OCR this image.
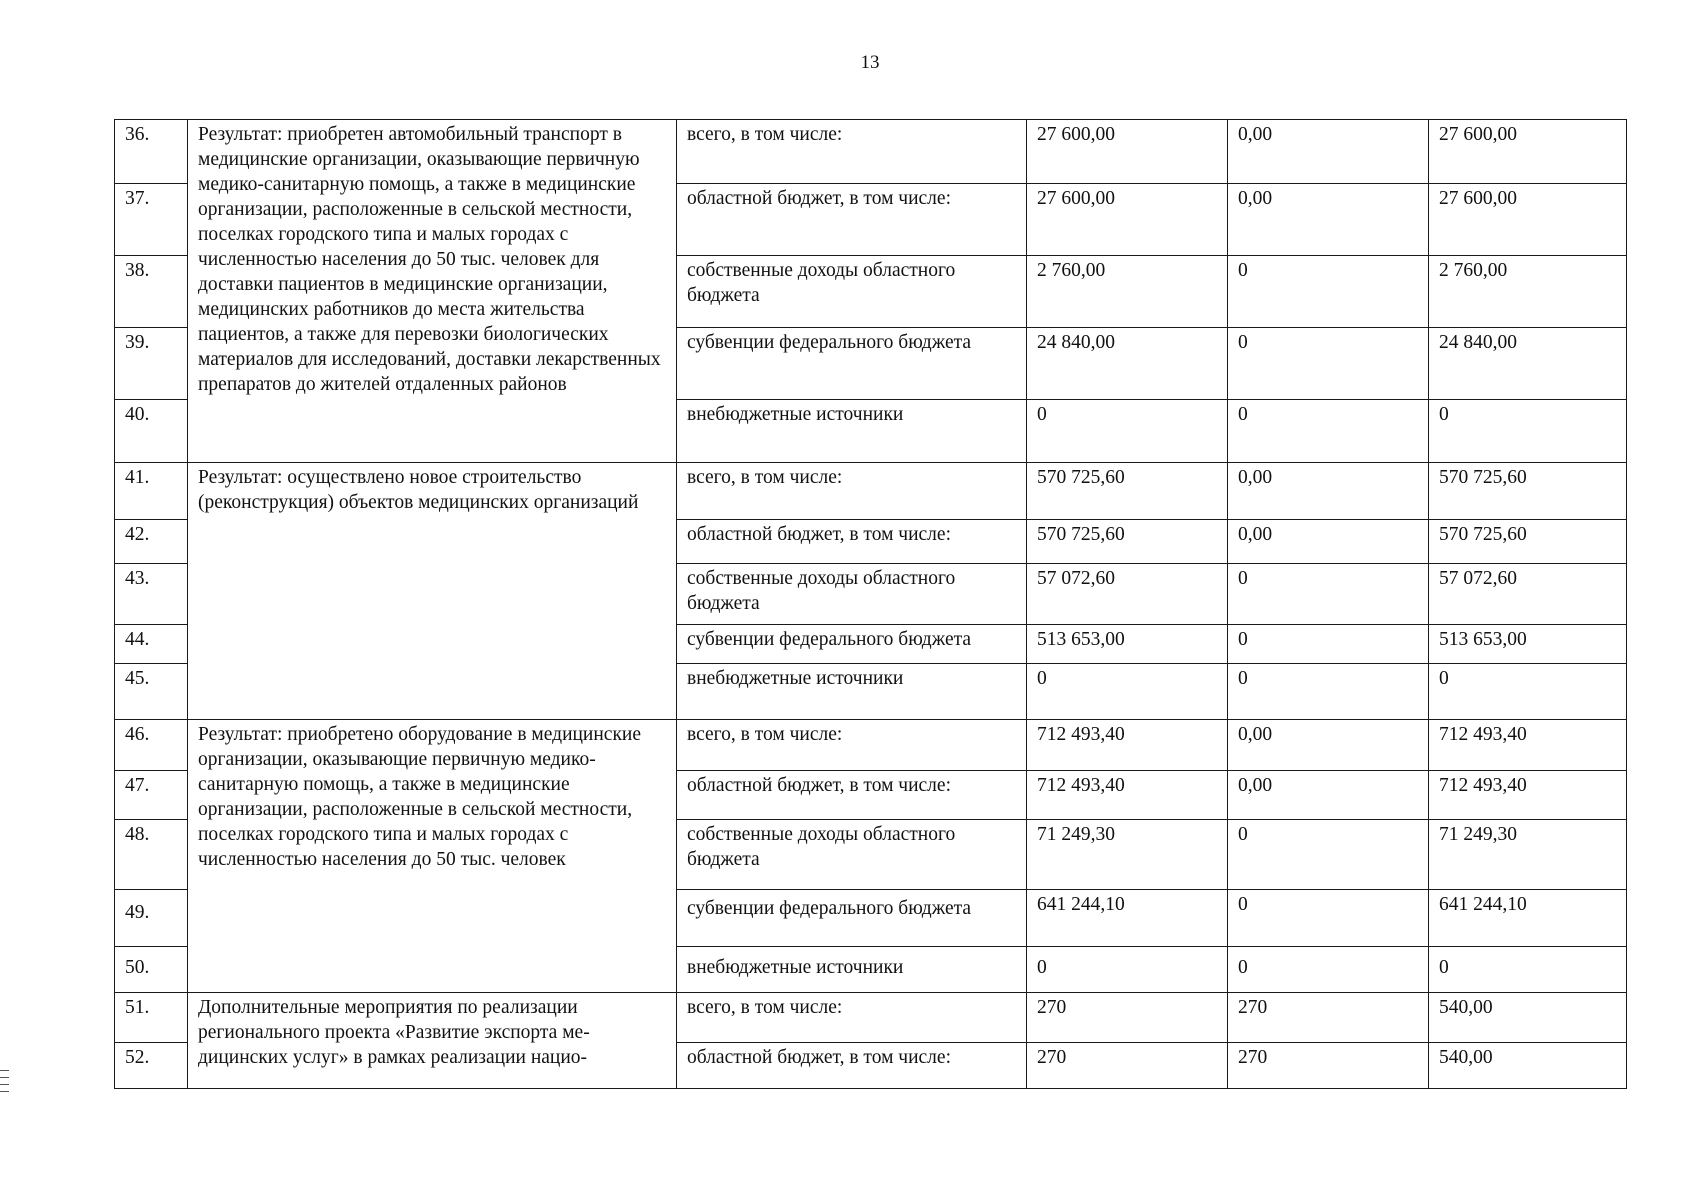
13
36.	Результат: приобретен автомобильный транспорт в медицинские организации, оказывающие первичную медико-санитарную помощь, а также в медицинские организации, расположенные в сельской местности, поселках городского типа и малых городах с численностью населения до 50 тыс. человек для доставки пациентов в медицинские организации, медицинских работников до места жительства пациентов, а также для перевозки биологических материалов для исследований, доставки лекарственных препаратов до жителей отдаленных районов	всего, в том числе:	27 600,00	0,00	27 600,00
37.		областной бюджет, в том числе:	27 600,00	0,00	27 600,00
38.		собственные доходы областного бюджета	2 760,00	0	2 760,00
39.		субвенции федерального бюджета	24 840,00	0	24 840,00
40.		внебюджетные источники	0	0	0
41.	Результат: осуществлено новое строительство (реконструкция) объектов медицинских организаций	всего, в том числе:	570 725,60	0,00	570 725,60
42.		областной бюджет, в том числе:	570 725,60	0,00	570 725,60
43.		собственные доходы областного бюджета	57 072,60	0	57 072,60
44.		субвенции федерального бюджета	513 653,00	0	513 653,00
45.		внебюджетные источники	0	0	0
46.	Результат: приобретено оборудование в медицинские организации, оказывающие первичную медико-санитарную помощь, а также в медицинские организации, расположенные в сельской местности, поселках городского типа и малых городах с численностью населения до 50 тыс. человек	всего, в том числе:	712 493,40	0,00	712 493,40
47.		областной бюджет, в том числе:	712 493,40	0,00	712 493,40
48.		собственные доходы областного бюджета	71 249,30	0	71 249,30
49.		субвенции федерального бюджета	641 244,10	0	641 244,10
50.		внебюджетные источники	0	0	0
51.	Дополнительные мероприятия по реализации регионального проекта «Развитие экспорта медицинских услуг» в рамках реализации нацио-	всего, в том числе:	270	270	540,00
52.		областной бюджет, в том числе:	270	270	540,00
